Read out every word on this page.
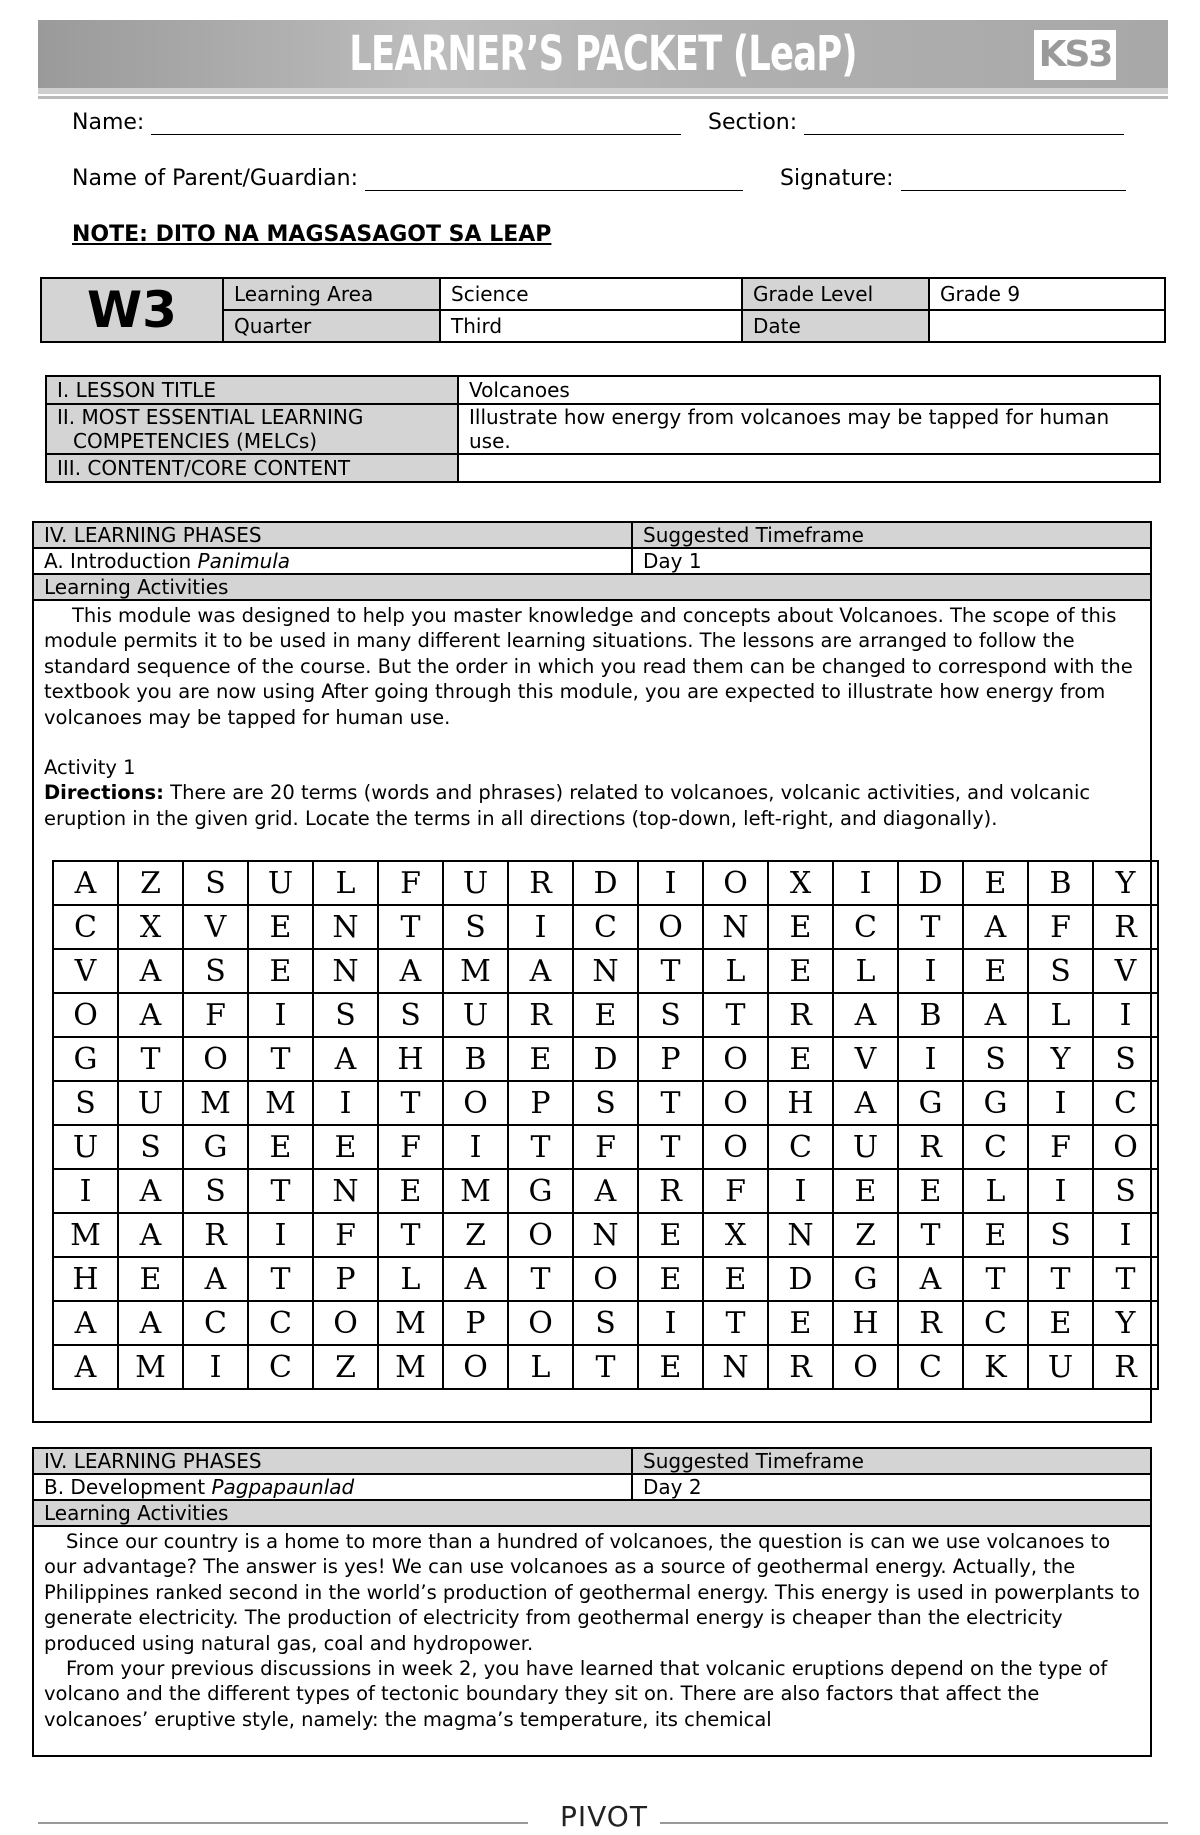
LEARNER’S PACKET (LeaP)	KS3
Name:	Section:
Name of Parent/Guardian:	Signature:
NOTE: DITO NA MAGSASAGOT SA LEAP
W3	Learning Area	Science	Grade Level	Grade 9
	Quarter	Third	Date	
I. LESSON TITLE	Volcanoes

II. MOST ESSENTIAL LEARNING
COMPETENCIES (MELCs)	Illustrate how energy from volcanoes may be tapped for human use.
III. CONTENT/CORE CONTENT	
IV. LEARNING PHASES	Suggested Timeframe
A. Introduction Panimula	Day 1
Learning Activities
This module was designed to help you master knowledge and concepts about Volcanoes. The scope of this module permits it to be used in many different learning situations. The lessons are arranged to follow the standard sequence of the course. But the order in which you read them can be changed to correspond with the textbook you are now using After going through this module, you are expected to illustrate how energy from volcanoes may be tapped for human use.
Activity 1
Directions: There are 20 terms (words and phrases) related to volcanoes, volcanic activities, and volcanic eruption in the given grid. Locate the terms in all directions (top-down, left-right, and diagonally).
A	Z	S	U	L	F	U	R	D	I	O	X	I	D	E	B	Y
C	X	V	E	N	T	S	I	C	O	N	E	C	T	A	F	R
V	A	S	E	N	A	M	A	N	T	L	E	L	I	E	S	V
O	A	F	I	S	S	U	R	E	S	T	R	A	B	A	L	I
G	T	O	T	A	H	B	E	D	P	O	E	V	I	S	Y	S
S	U	M	M	I	T	O	P	S	T	O	H	A	G	G	I	C
U	S	G	E	E	F	I	T	F	T	O	C	U	R	C	F	O
I	A	S	T	N	E	M	G	A	R	F	I	E	E	L	I	S
M	A	R	I	F	T	Z	O	N	E	X	N	Z	T	E	S	I
H	E	A	T	P	L	A	T	O	E	E	D	G	A	T	T	T
A	A	C	C	O	M	P	O	S	I	T	E	H	R	C	E	Y
A	M	I	C	Z	M	O	L	T	E	N	R	O	C	K	U	R
IV. LEARNING PHASES	Suggested Timeframe
B. Development Pagpapaunlad	Day 2
Learning Activities
Since our country is a home to more than a hundred of volcanoes, the question is can we use volcanoes to our advantage? The answer is yes! We can use volcanoes as a source of geothermal energy. Actually, the Philippines ranked second in the world’s production of geothermal energy. This energy is used in powerplants to generate electricity. The production of electricity from geothermal energy is cheaper than the electricity produced using natural gas, coal and hydropower.
From your previous discussions in week 2, you have learned that volcanic eruptions depend on the type of volcano and the different types of tectonic boundary they sit on. There are also factors that affect the volcanoes’ eruptive style, namely: the magma’s temperature, its chemical
PIVOT
